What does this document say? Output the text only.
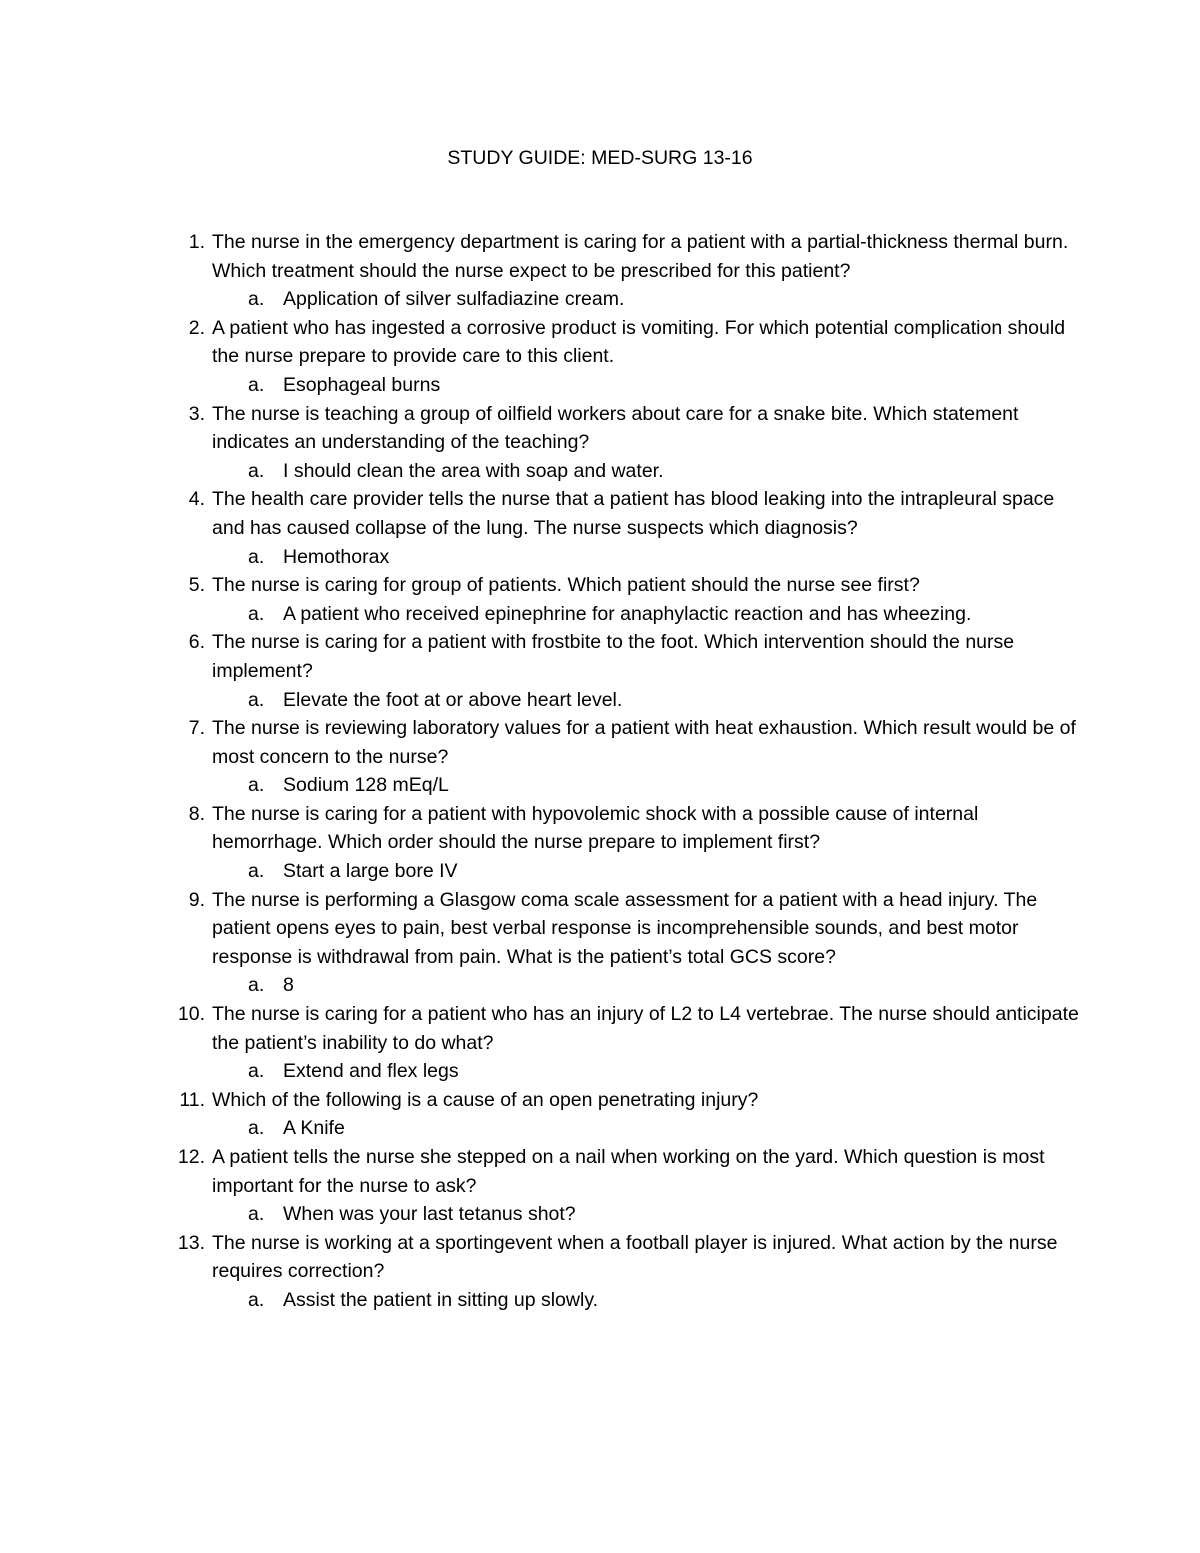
STUDY GUIDE: MED-SURG 13-16
1. The nurse in the emergency department is caring for a patient with a partial-thickness thermal burn. Which treatment should the nurse expect to be prescribed for this patient?
a. Application of silver sulfadiazine cream.
2. A patient who has ingested a corrosive product is vomiting. For which potential complication should the nurse prepare to provide care to this client.
a. Esophageal burns
3. The nurse is teaching a group of oilfield workers about care for a snake bite. Which statement indicates an understanding of the teaching?
a. I should clean the area with soap and water.
4. The health care provider tells the nurse that a patient has blood leaking into the intrapleural space and has caused collapse of the lung. The nurse suspects which diagnosis?
a. Hemothorax
5. The nurse is caring for group of patients. Which patient should the nurse see first?
a. A patient who received epinephrine for anaphylactic reaction and has wheezing.
6. The nurse is caring for a patient with frostbite to the foot. Which intervention should the nurse implement?
a. Elevate the foot at or above heart level.
7. The nurse is reviewing laboratory values for a patient with heat exhaustion. Which result would be of most concern to the nurse?
a. Sodium 128 mEq/L
8. The nurse is caring for a patient with hypovolemic shock with a possible cause of internal hemorrhage. Which order should the nurse prepare to implement first?
a. Start a large bore IV
9. The nurse is performing a Glasgow coma scale assessment for a patient with a head injury. The patient opens eyes to pain, best verbal response is incomprehensible sounds, and best motor response is withdrawal from pain. What is the patient’s total GCS score?
a. 8
10. The nurse is caring for a patient who has an injury of L2 to L4 vertebrae. The nurse should anticipate the patient’s inability to do what?
a. Extend and flex legs
11. Which of the following is a cause of an open penetrating injury?
a. A Knife
12. A patient tells the nurse she stepped on a nail when working on the yard. Which question is most important for the nurse to ask?
a. When was your last tetanus shot?
13. The nurse is working at a sportingevent when a football player is injured. What action by the nurse requires correction?
a. Assist the patient in sitting up slowly.
